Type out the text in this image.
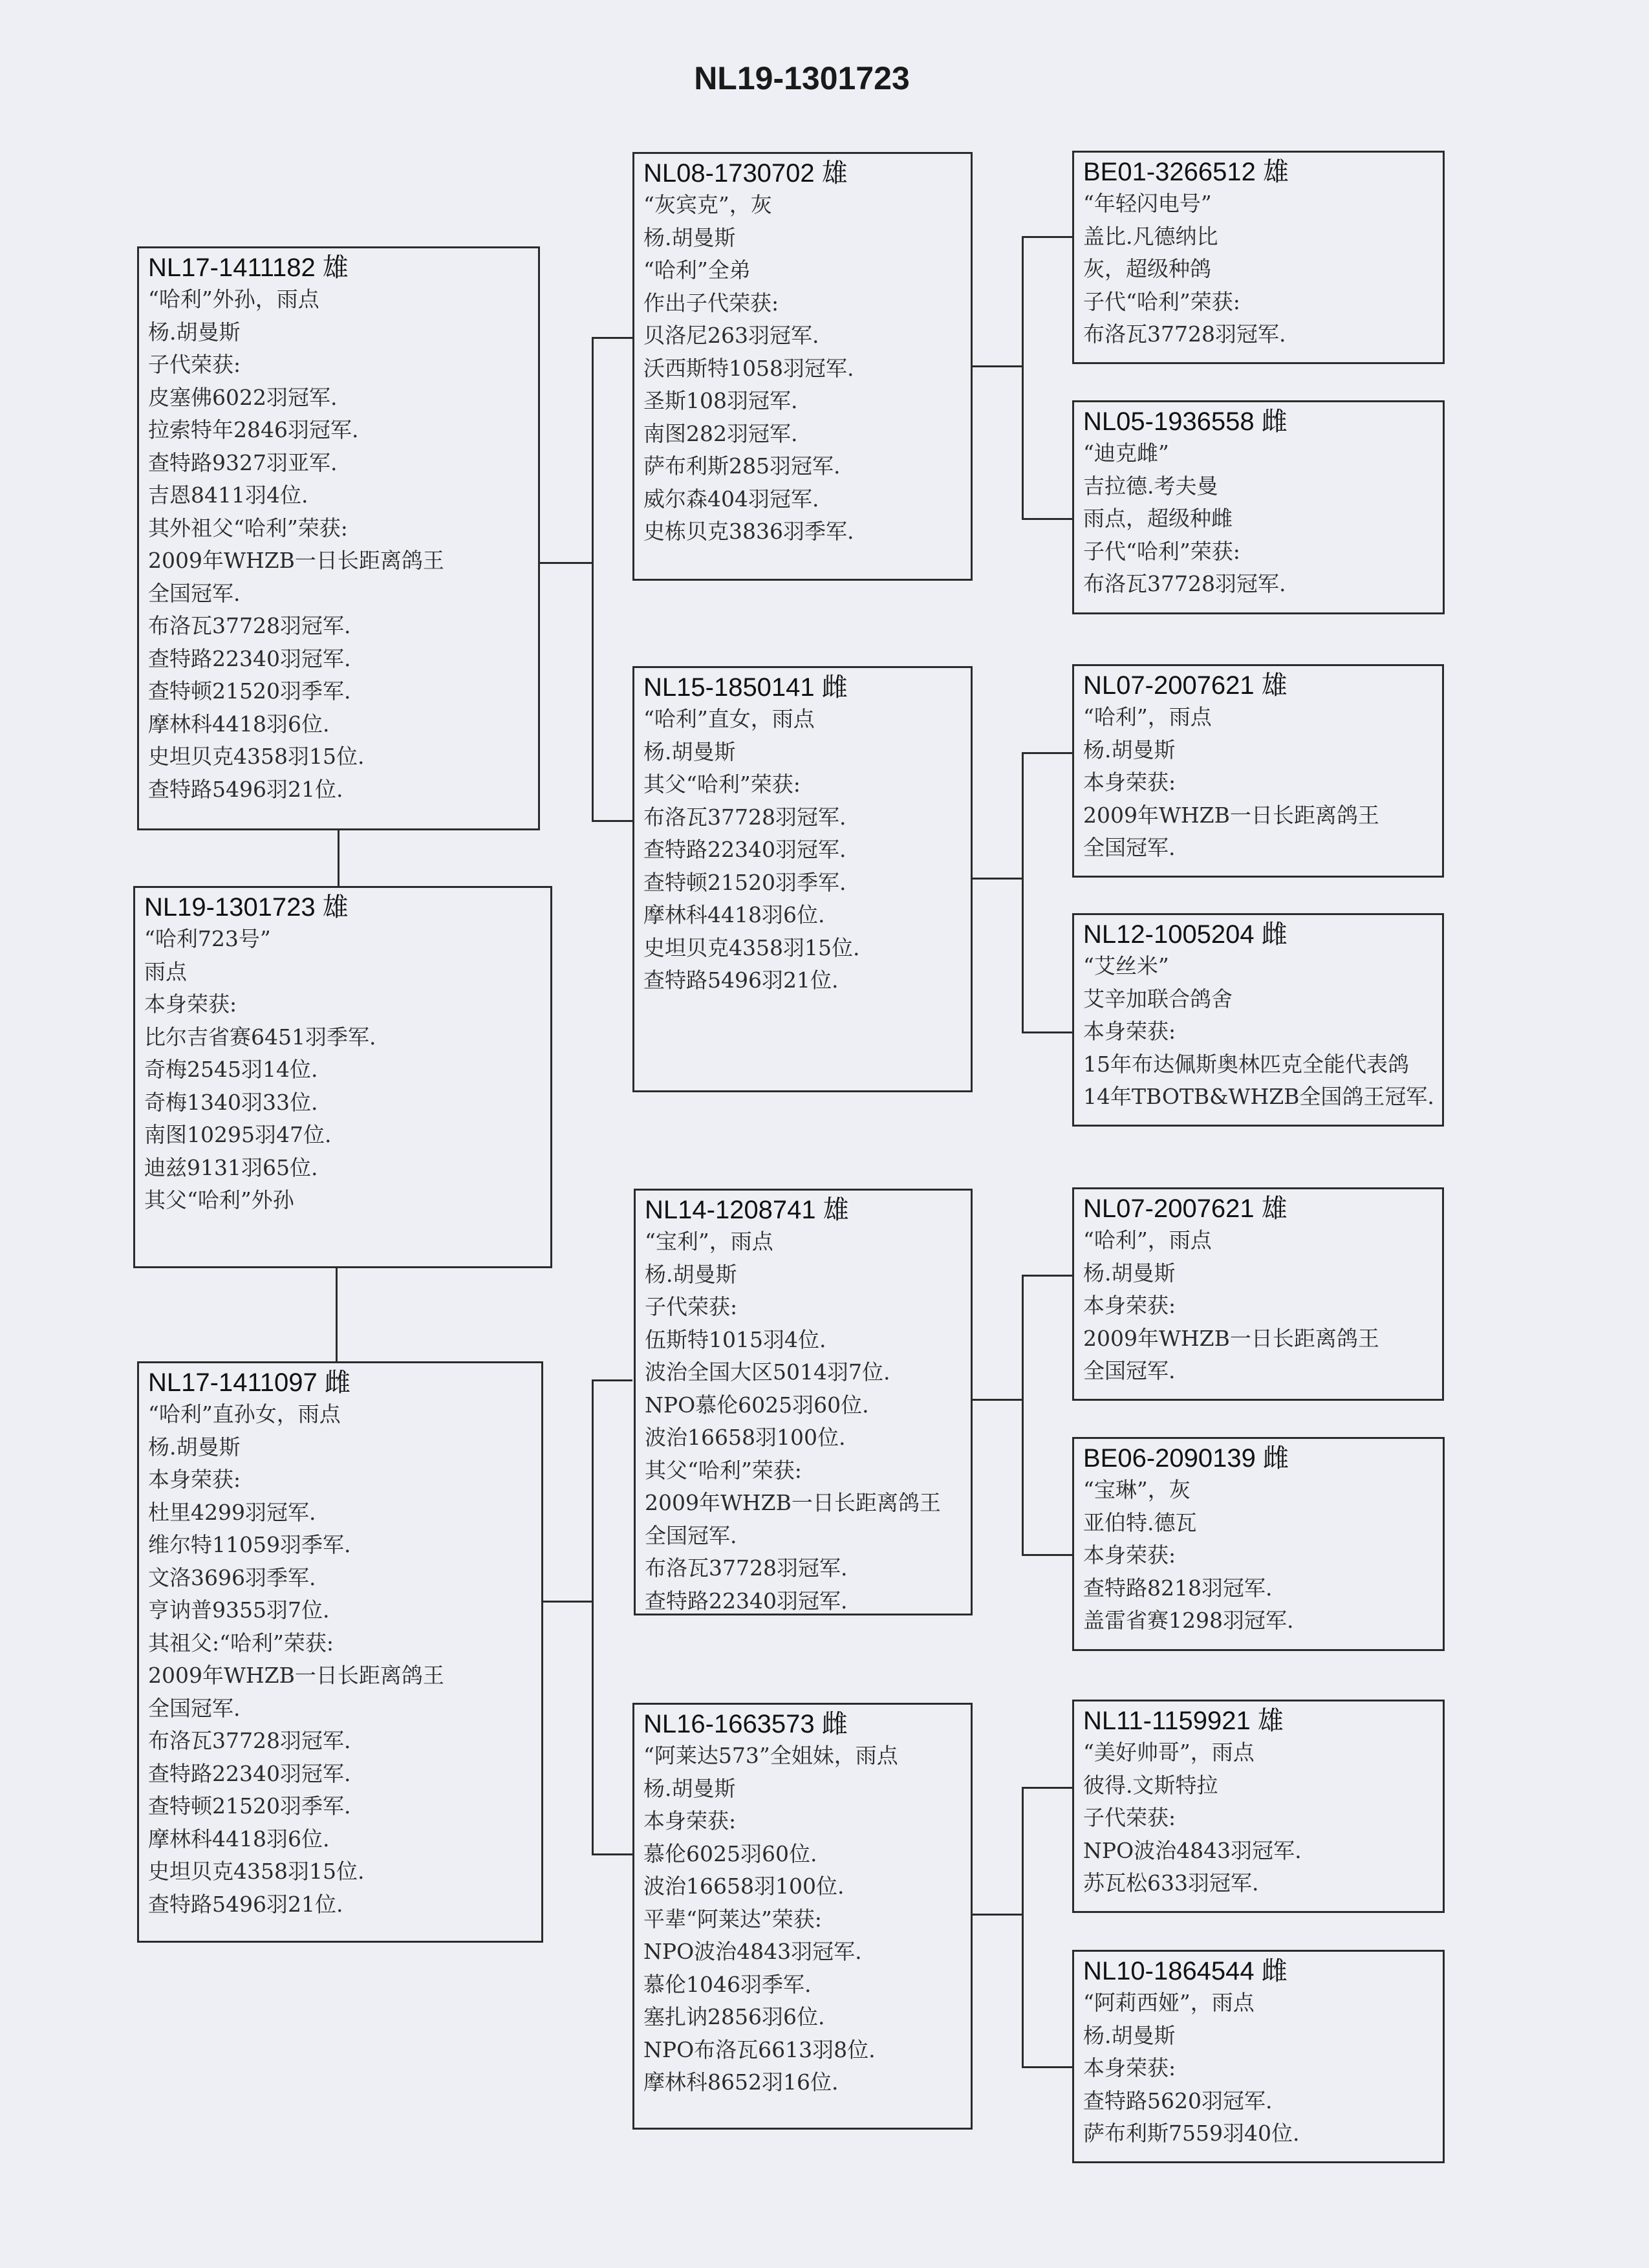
NL19-1301723
NL19-1301723 雄
“哈利723号”
雨点
本身荣获:
比尔吉省赛6451羽季军.
奇梅2545羽14位.
奇梅1340羽33位.
南图10295羽47位.
迪兹9131羽65位.
其父“哈利”外孙
NL17-1411182 雄
“哈利”外孙，雨点
杨.胡曼斯
子代荣获:
皮塞佛6022羽冠军.
拉索特年2846羽冠军.
查特路9327羽亚军.
吉恩8411羽4位.
其外祖父“哈利”荣获:
2009年WHZB一日长距离鸽王
全国冠军.
布洛瓦37728羽冠军.
查特路22340羽冠军.
查特顿21520羽季军.
摩林科4418羽6位.
史坦贝克4358羽15位.
查特路5496羽21位.
NL17-1411097 雌
“哈利”直孙女，雨点
杨.胡曼斯
本身荣获:
杜里4299羽冠军.
维尔特11059羽季军.
文洛3696羽季军.
亨讷普9355羽7位.
其祖父:“哈利”荣获:
2009年WHZB一日长距离鸽王
全国冠军.
布洛瓦37728羽冠军.
查特路22340羽冠军.
查特顿21520羽季军.
摩林科4418羽6位.
史坦贝克4358羽15位.
查特路5496羽21位.
NL08-1730702 雄
“灰宾克”，灰
杨.胡曼斯
“哈利”全弟
作出子代荣获:
贝洛尼263羽冠军.
沃西斯特1058羽冠军.
圣斯108羽冠军.
南图282羽冠军.
萨布利斯285羽冠军.
威尔森404羽冠军.
史栋贝克3836羽季军.
NL15-1850141 雌
“哈利”直女，雨点
杨.胡曼斯
其父“哈利”荣获:
布洛瓦37728羽冠军.
查特路22340羽冠军.
查特顿21520羽季军.
摩林科4418羽6位.
史坦贝克4358羽15位.
查特路5496羽21位.
NL14-1208741 雄
“宝利”，雨点
杨.胡曼斯
子代荣获:
伍斯特1015羽4位.
波治全国大区5014羽7位.
NPO慕伦6025羽60位.
波治16658羽100位.
其父“哈利”荣获:
2009年WHZB一日长距离鸽王
全国冠军.
布洛瓦37728羽冠军.
查特路22340羽冠军.
NL16-1663573 雌
“阿莱达573”全姐妹，雨点
杨.胡曼斯
本身荣获:
慕伦6025羽60位.
波治16658羽100位.
平辈“阿莱达”荣获:
NPO波治4843羽冠军.
慕伦1046羽季军.
塞扎讷2856羽6位.
NPO布洛瓦6613羽8位.
摩林科8652羽16位.
BE01-3266512 雄
“年轻闪电号”
盖比.凡德纳比
灰，超级种鸽
子代“哈利”荣获:
布洛瓦37728羽冠军.
NL05-1936558 雌
“迪克雌”
吉拉德.考夫曼
雨点，超级种雌
子代“哈利”荣获:
布洛瓦37728羽冠军.
NL07-2007621 雄
“哈利”，雨点
杨.胡曼斯
本身荣获:
2009年WHZB一日长距离鸽王
全国冠军.
NL12-1005204 雌
“艾丝米”
艾辛加联合鸽舍
本身荣获:
15年布达佩斯奥林匹克全能代表鸽
14年TBOTB&WHZB全国鸽王冠军.
NL07-2007621 雄
“哈利”，雨点
杨.胡曼斯
本身荣获:
2009年WHZB一日长距离鸽王
全国冠军.
BE06-2090139 雌
“宝琳”，灰
亚伯特.德瓦
本身荣获:
查特路8218羽冠军.
盖雷省赛1298羽冠军.
NL11-1159921 雄
“美好帅哥”，雨点
彼得.文斯特拉
子代荣获:
NPO波治4843羽冠军.
苏瓦松633羽冠军.
NL10-1864544 雌
“阿莉西娅”，雨点
杨.胡曼斯
本身荣获:
查特路5620羽冠军.
萨布利斯7559羽40位.
